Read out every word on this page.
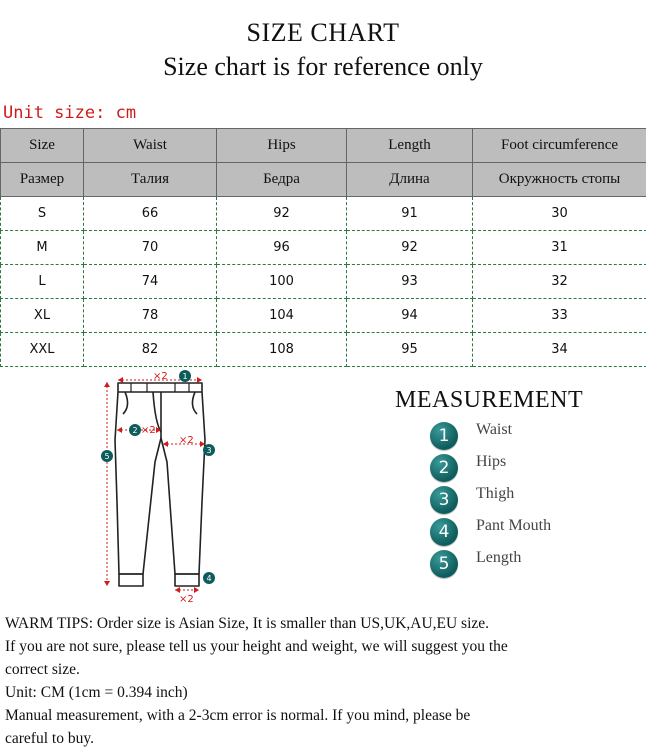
SIZE CHART
Size chart is for reference only
Unit size: cm
Size	Waist	Hips	Length	Foot circumference
Размер	Талия	Бедра	Длина	Окружность стопы
S	66	92	91	30
M	70	96	92	31
L	74	100	93	32
XL	78	104	94	33
XXL	82	108	95	34
×2
×2
×2
×2
1
2
3
4
5
MEASUREMENT
1	Waist
2	Hips
3	Thigh
4	Pant Mouth
5	Length
WARM TIPS: Order size is Asian Size, It is smaller than US,UK,AU,EU size.
If you are not sure, please tell us your height and weight, we will suggest you the
correct size.
Unit: CM (1cm = 0.394 inch)
Manual measurement, with a 2-3cm error is normal. If you mind, please be
careful to buy.
